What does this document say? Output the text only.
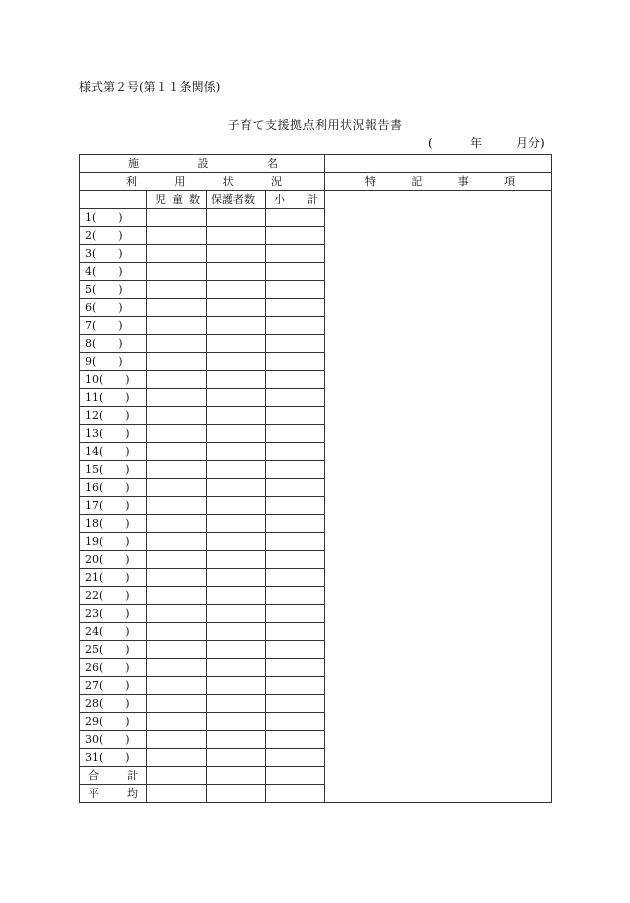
様式第２号(第１１条関係)
子育て支援拠点利用状況報告書
(	年	月分)
施 設 名				

利 用 状 況				特 記 事 項

	児 童 数	保護者数	小 計	

1( )				
2( )				
3( )				
4( )				
5( )				
6( )				
7( )				
8( )				
9( )				
10( )				
11( )				
12( )				
13( )				
14( )				
15( )				
16( )				
17( )				
18( )				
19( )				
20( )				
21( )				
22( )				
23( )				
24( )				
25( )				
26( )				
27( )				
28( )				
29( )				
30( )				
31( )				

合 計				

平 均				
